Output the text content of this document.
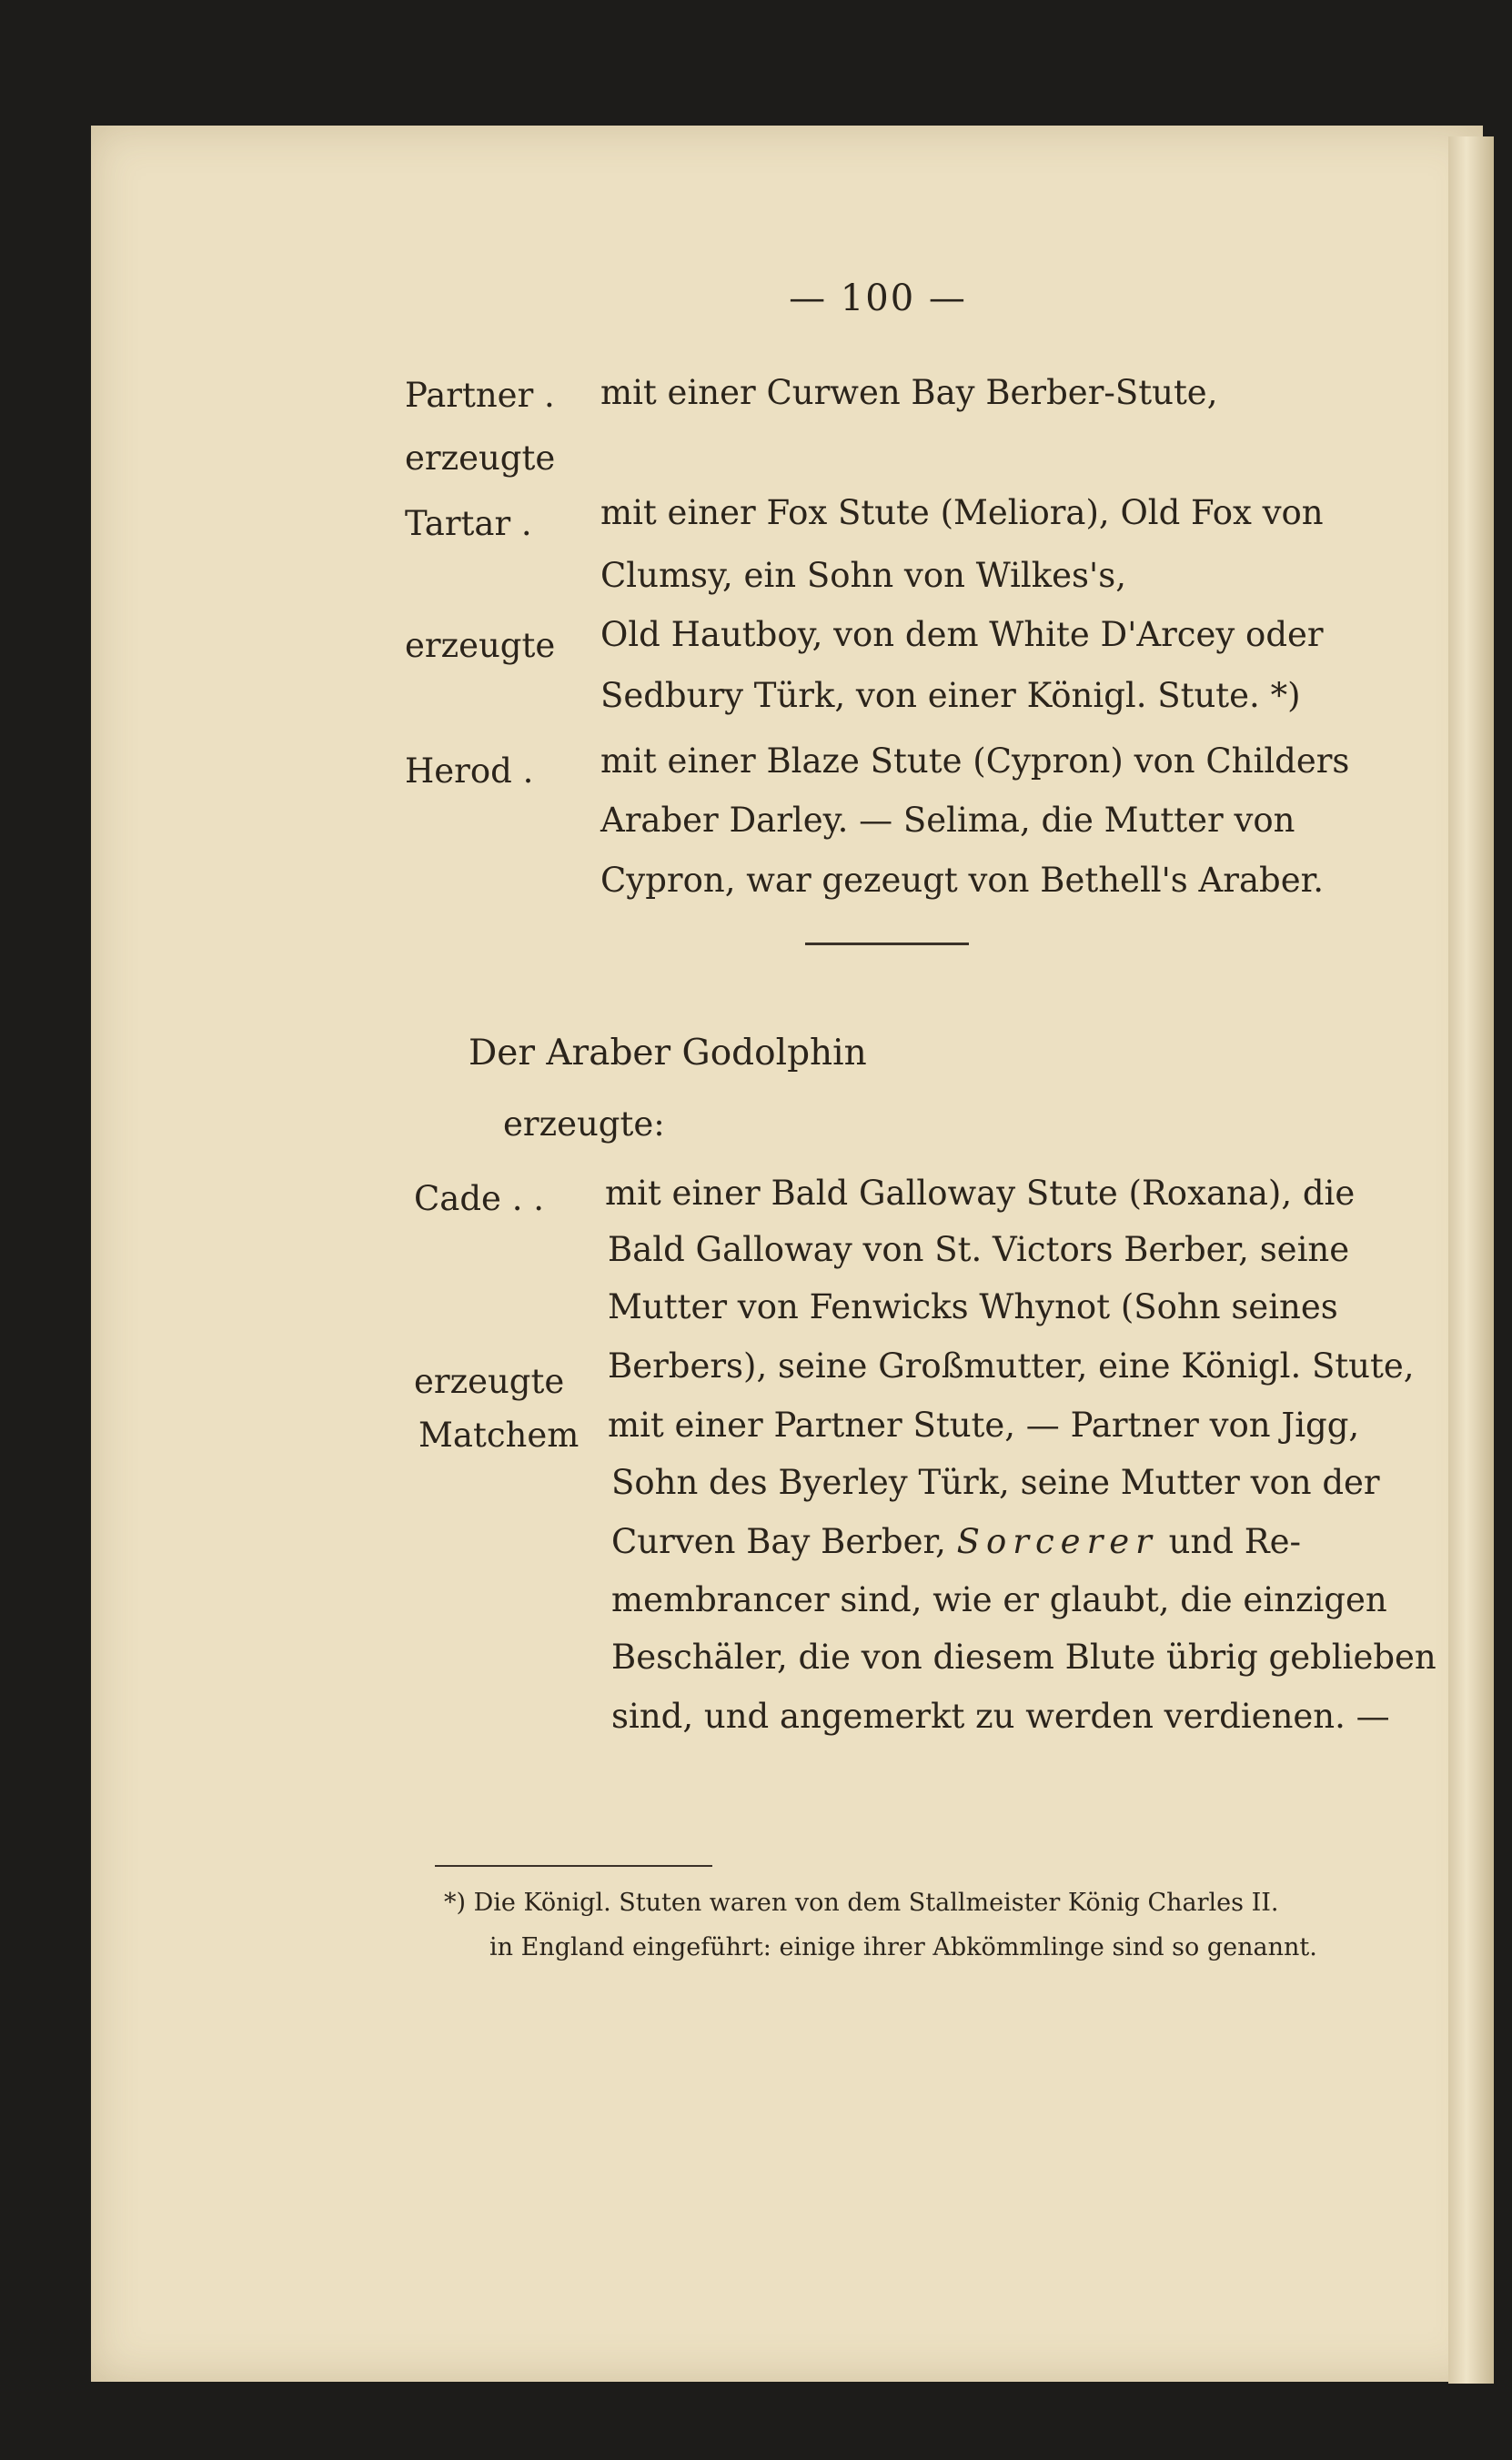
— 100 —
Partner . mit einer Curwen Bay Berber-Stute,
erzeugte
Tartar . mit einer Fox Stute (Meliora), Old Fox von
Clumsy, ein Sohn von Wilkes's,
erzeugte Old Hautboy, von dem White D'Arcey oder
Sedbury Türk, von einer Königl. Stute. *)
Herod . mit einer Blaze Stute (Cypron) von Childers
Araber Darley. — Selima, die Mutter von
Cypron, war gezeugt von Bethell's Araber.
Der Araber Godolphin
erzeugte:
Cade . . mit einer Bald Galloway Stute (Roxana), die
Bald Galloway von St. Victors Berber, seine
Mutter von Fenwicks Whynot (Sohn seines
erzeugte Berbers), seine Großmutter, eine Königl. Stute,
Matchem mit einer Partner Stute, — Partner von Jigg,
Sohn des Byerley Türk, seine Mutter von der
Curven Bay Berber, Sorcerer und Re-
membrancer sind, wie er glaubt, die einzigen
Beschäler, die von diesem Blute übrig geblieben
sind, und angemerkt zu werden verdienen. —
*) Die Königl. Stuten waren von dem Stallmeister König Charles II.
in England eingeführt: einige ihrer Abkömmlinge sind so genannt.
